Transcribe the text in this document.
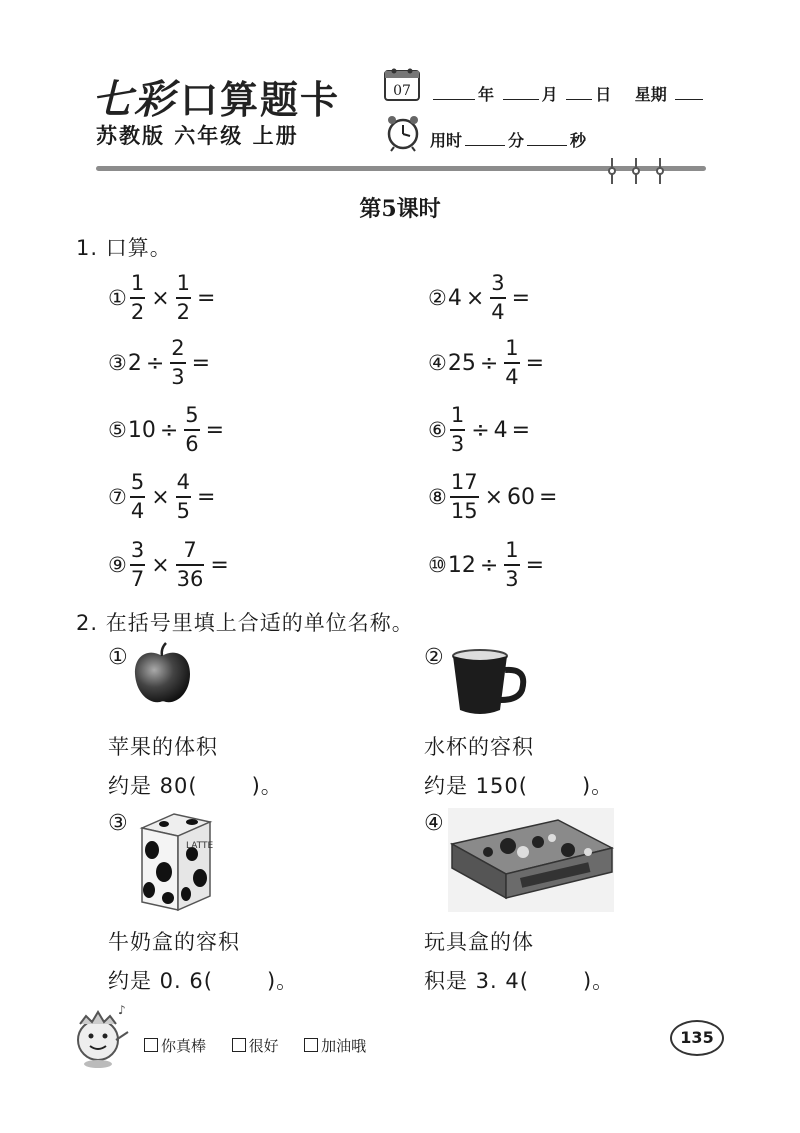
七彩 口算题卡
苏教版 六年级 上册
07	年	月 日 星期
用时	分	秒
第5课时
1. 口算。
① $\frac{1}{2} \times \frac{1}{2}$ =	② $4 \times \frac{3}{4}$ =
③ $2 \div \frac{2}{3}$ =	④ $25 \div \frac{1}{4}$ =
⑤ $10 \div \frac{5}{6}$ =	⑥ $\frac{1}{3} \div 4$ =
⑦ $\frac{5}{4} \times \frac{4}{5}$ =	⑧ $\frac{17}{15} \times 60$ =
⑨ $\frac{3}{7} \times \frac{7}{36}$ =	⑩ $12 \div \frac{1}{3}$ =
2. 在括号里填上合适的单位名称。
①
苹果的体积
约是 80(	)。
②
水杯的容积
约是 150(	)。
③
LATTE
牛奶盒的容积
约是 0. 6(	)。
④
玩具盒的体
积是 3. 4(	)。
♪
你真棒	很好	加油哦	135
